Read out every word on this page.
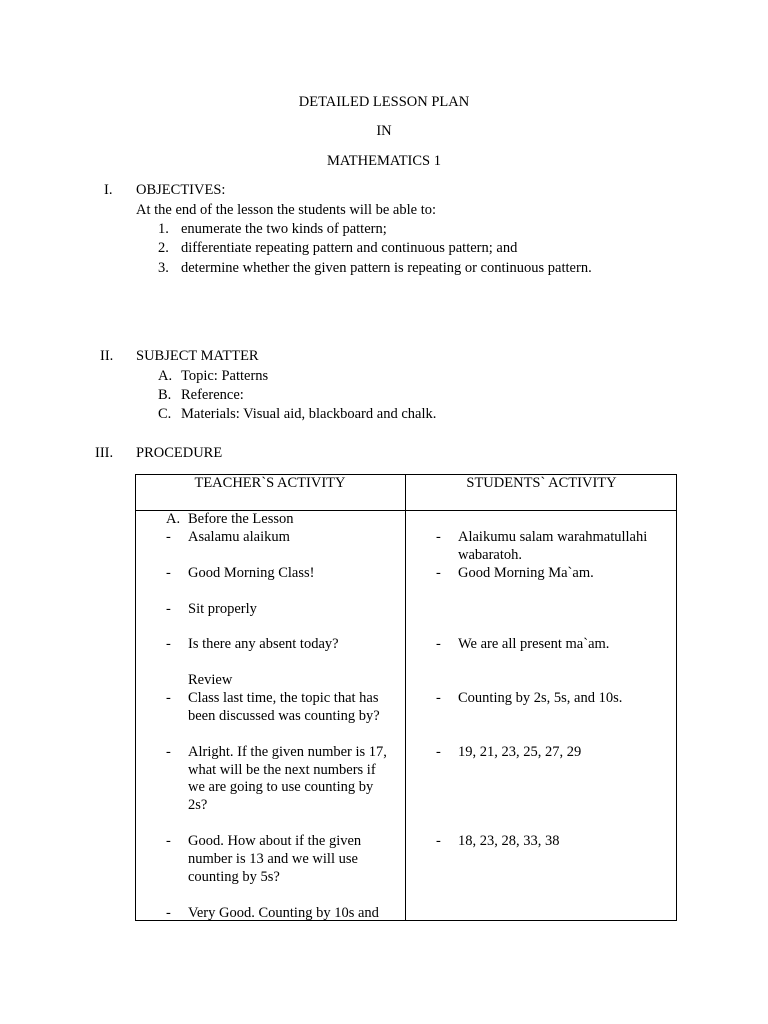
DETAILED LESSON PLAN
IN
MATHEMATICS 1
I. OBJECTIVES:
At the end of the lesson the students will be able to:
1. enumerate the two kinds of pattern;
2. differentiate repeating pattern and continuous pattern; and
3. determine whether the given pattern is repeating or continuous pattern.
II. SUBJECT MATTER
A. Topic: Patterns
B. Reference:
C. Materials: Visual aid, blackboard and chalk.
III. PROCEDURE
TEACHER`S ACTIVITY	STUDENTS` ACTIVITY
A. Before the Lesson
- Asalamu alaikum
- Good Morning Class!
- Sit properly
- Is there any absent today?
Review
- Class last time, the topic that has
been discussed was counting by?
- Alright. If the given number is 17,
what will be the next numbers if
we are going to use counting by
2s?
- Good. How about if the given
number is 13 and we will use
counting by 5s?
- Very Good. Counting by 10s and
- Alaikumu salam warahmatullahi
wabaratoh.
- Good Morning Ma`am.
- We are all present ma`am.
- Counting by 2s, 5s, and 10s.
- 19, 21, 23, 25, 27, 29
- 18, 23, 28, 33, 38
